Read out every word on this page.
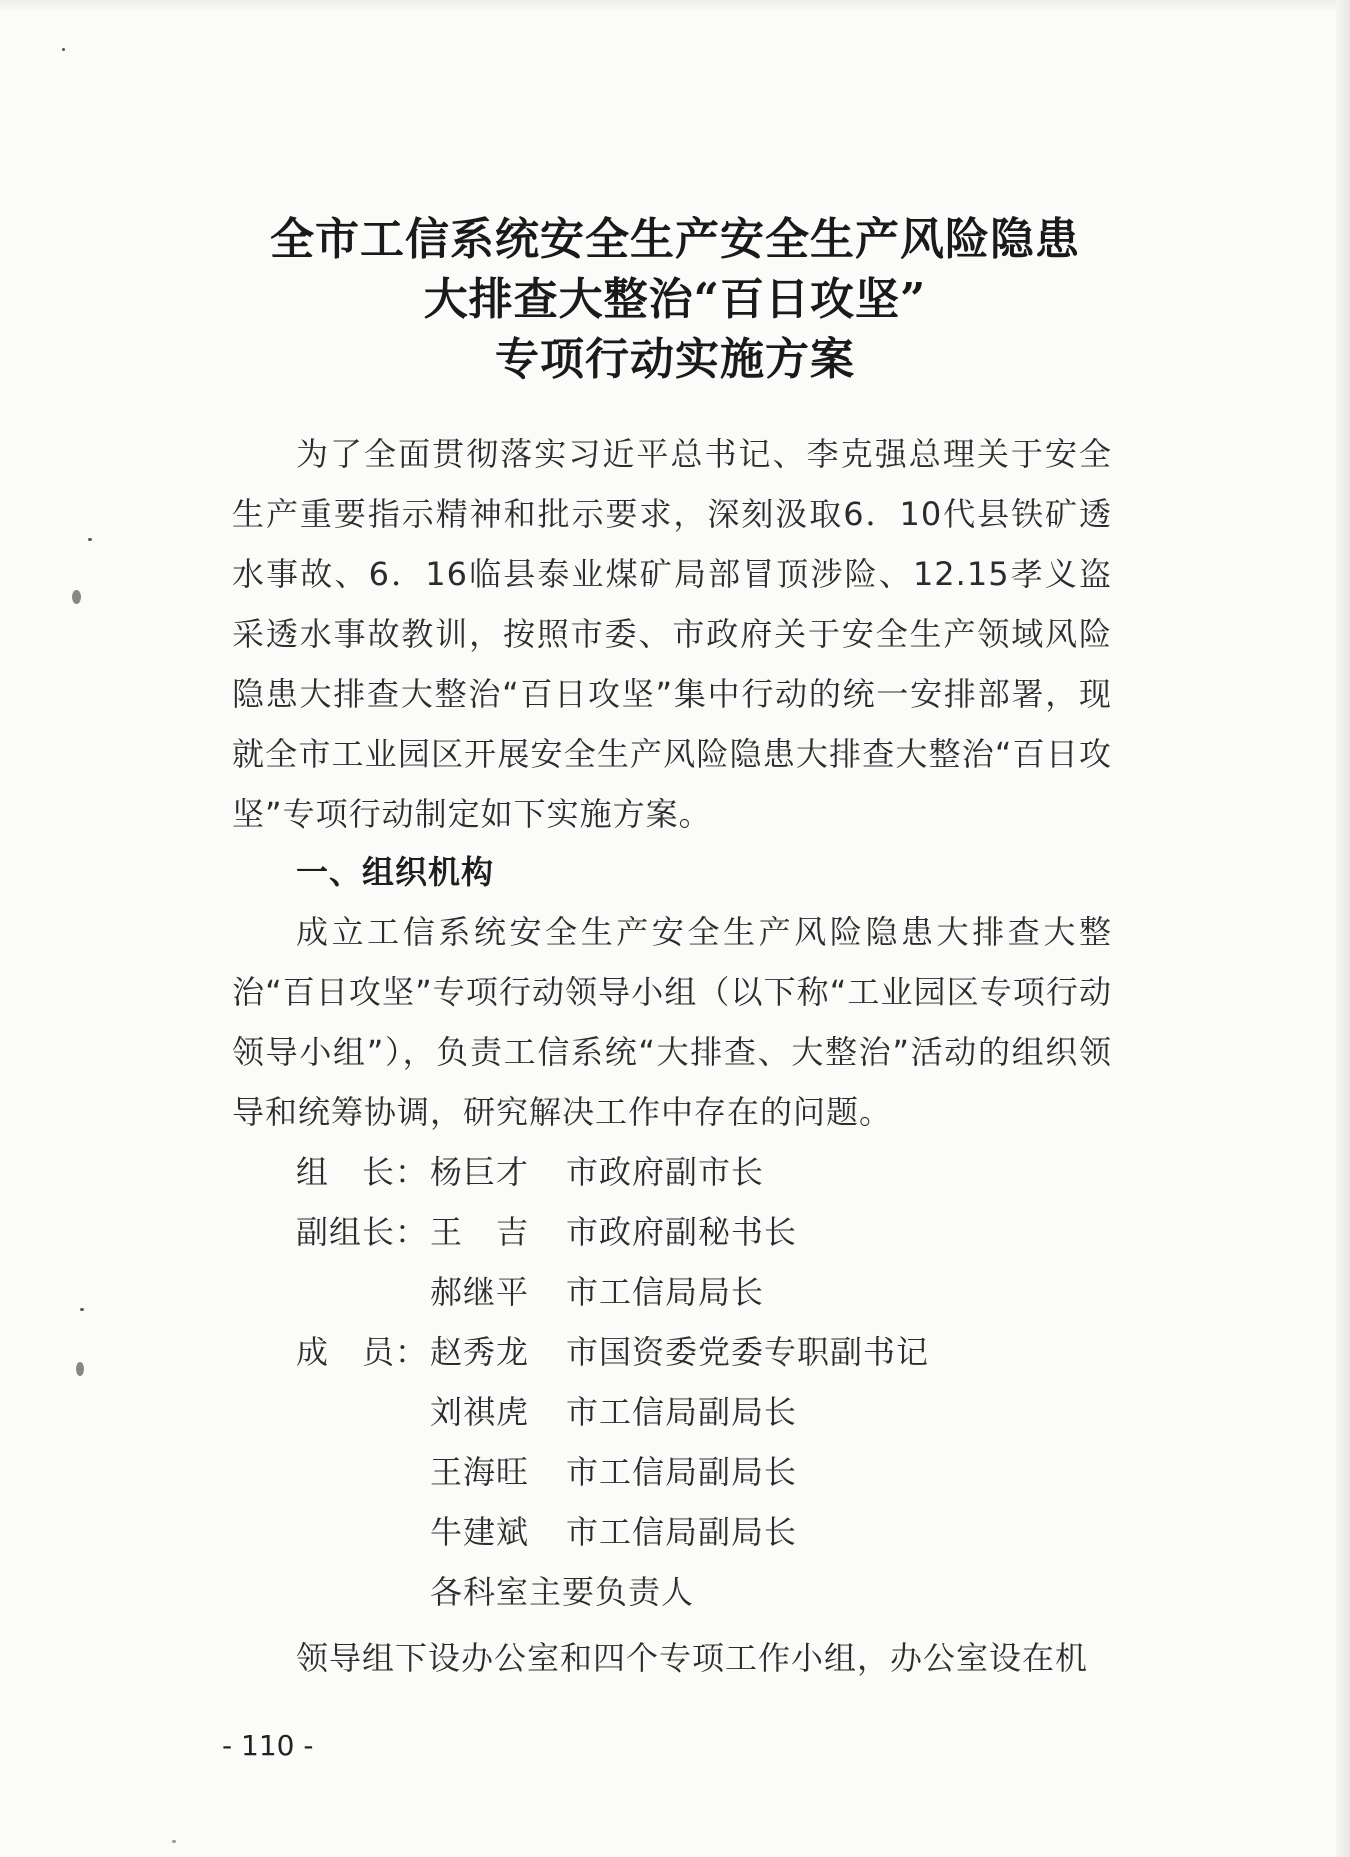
全市工信系统安全生产安全生产风险隐患
大排查大整治“百日攻坚”
专项行动实施方案
为了全面贯彻落实习近平总书记、李克强总理关于安全生产重要指示精神和批示要求，深刻汲取6．10代县铁矿透水事故、6．16临县泰业煤矿局部冒顶涉险、12.15孝义盗采透水事故教训，按照市委、市政府关于安全生产领域风险隐患大排查大整治“百日攻坚”集中行动的统一安排部署，现就全市工业园区开展安全生产风险隐患大排查大整治“百日攻坚”专项行动制定如下实施方案。
一、组织机构
成立工信系统安全生产安全生产风险隐患大排查大整治“百日攻坚”专项行动领导小组（以下称“工业园区专项行动领导小组”），负责工信系统“大排查、大整治”活动的组织领导和统筹协调，研究解决工作中存在的问题。
组　长： 杨巨才	市政府副市长
副组长： 王　吉	市政府副秘书长
郝继平	市工信局局长
成　员： 赵秀龙	市国资委党委专职副书记
刘祺虎	市工信局副局长
王海旺	市工信局副局长
牛建斌	市工信局副局长
各科室主要负责人
领导组下设办公室和四个专项工作小组，办公室设在机
- 110 -
